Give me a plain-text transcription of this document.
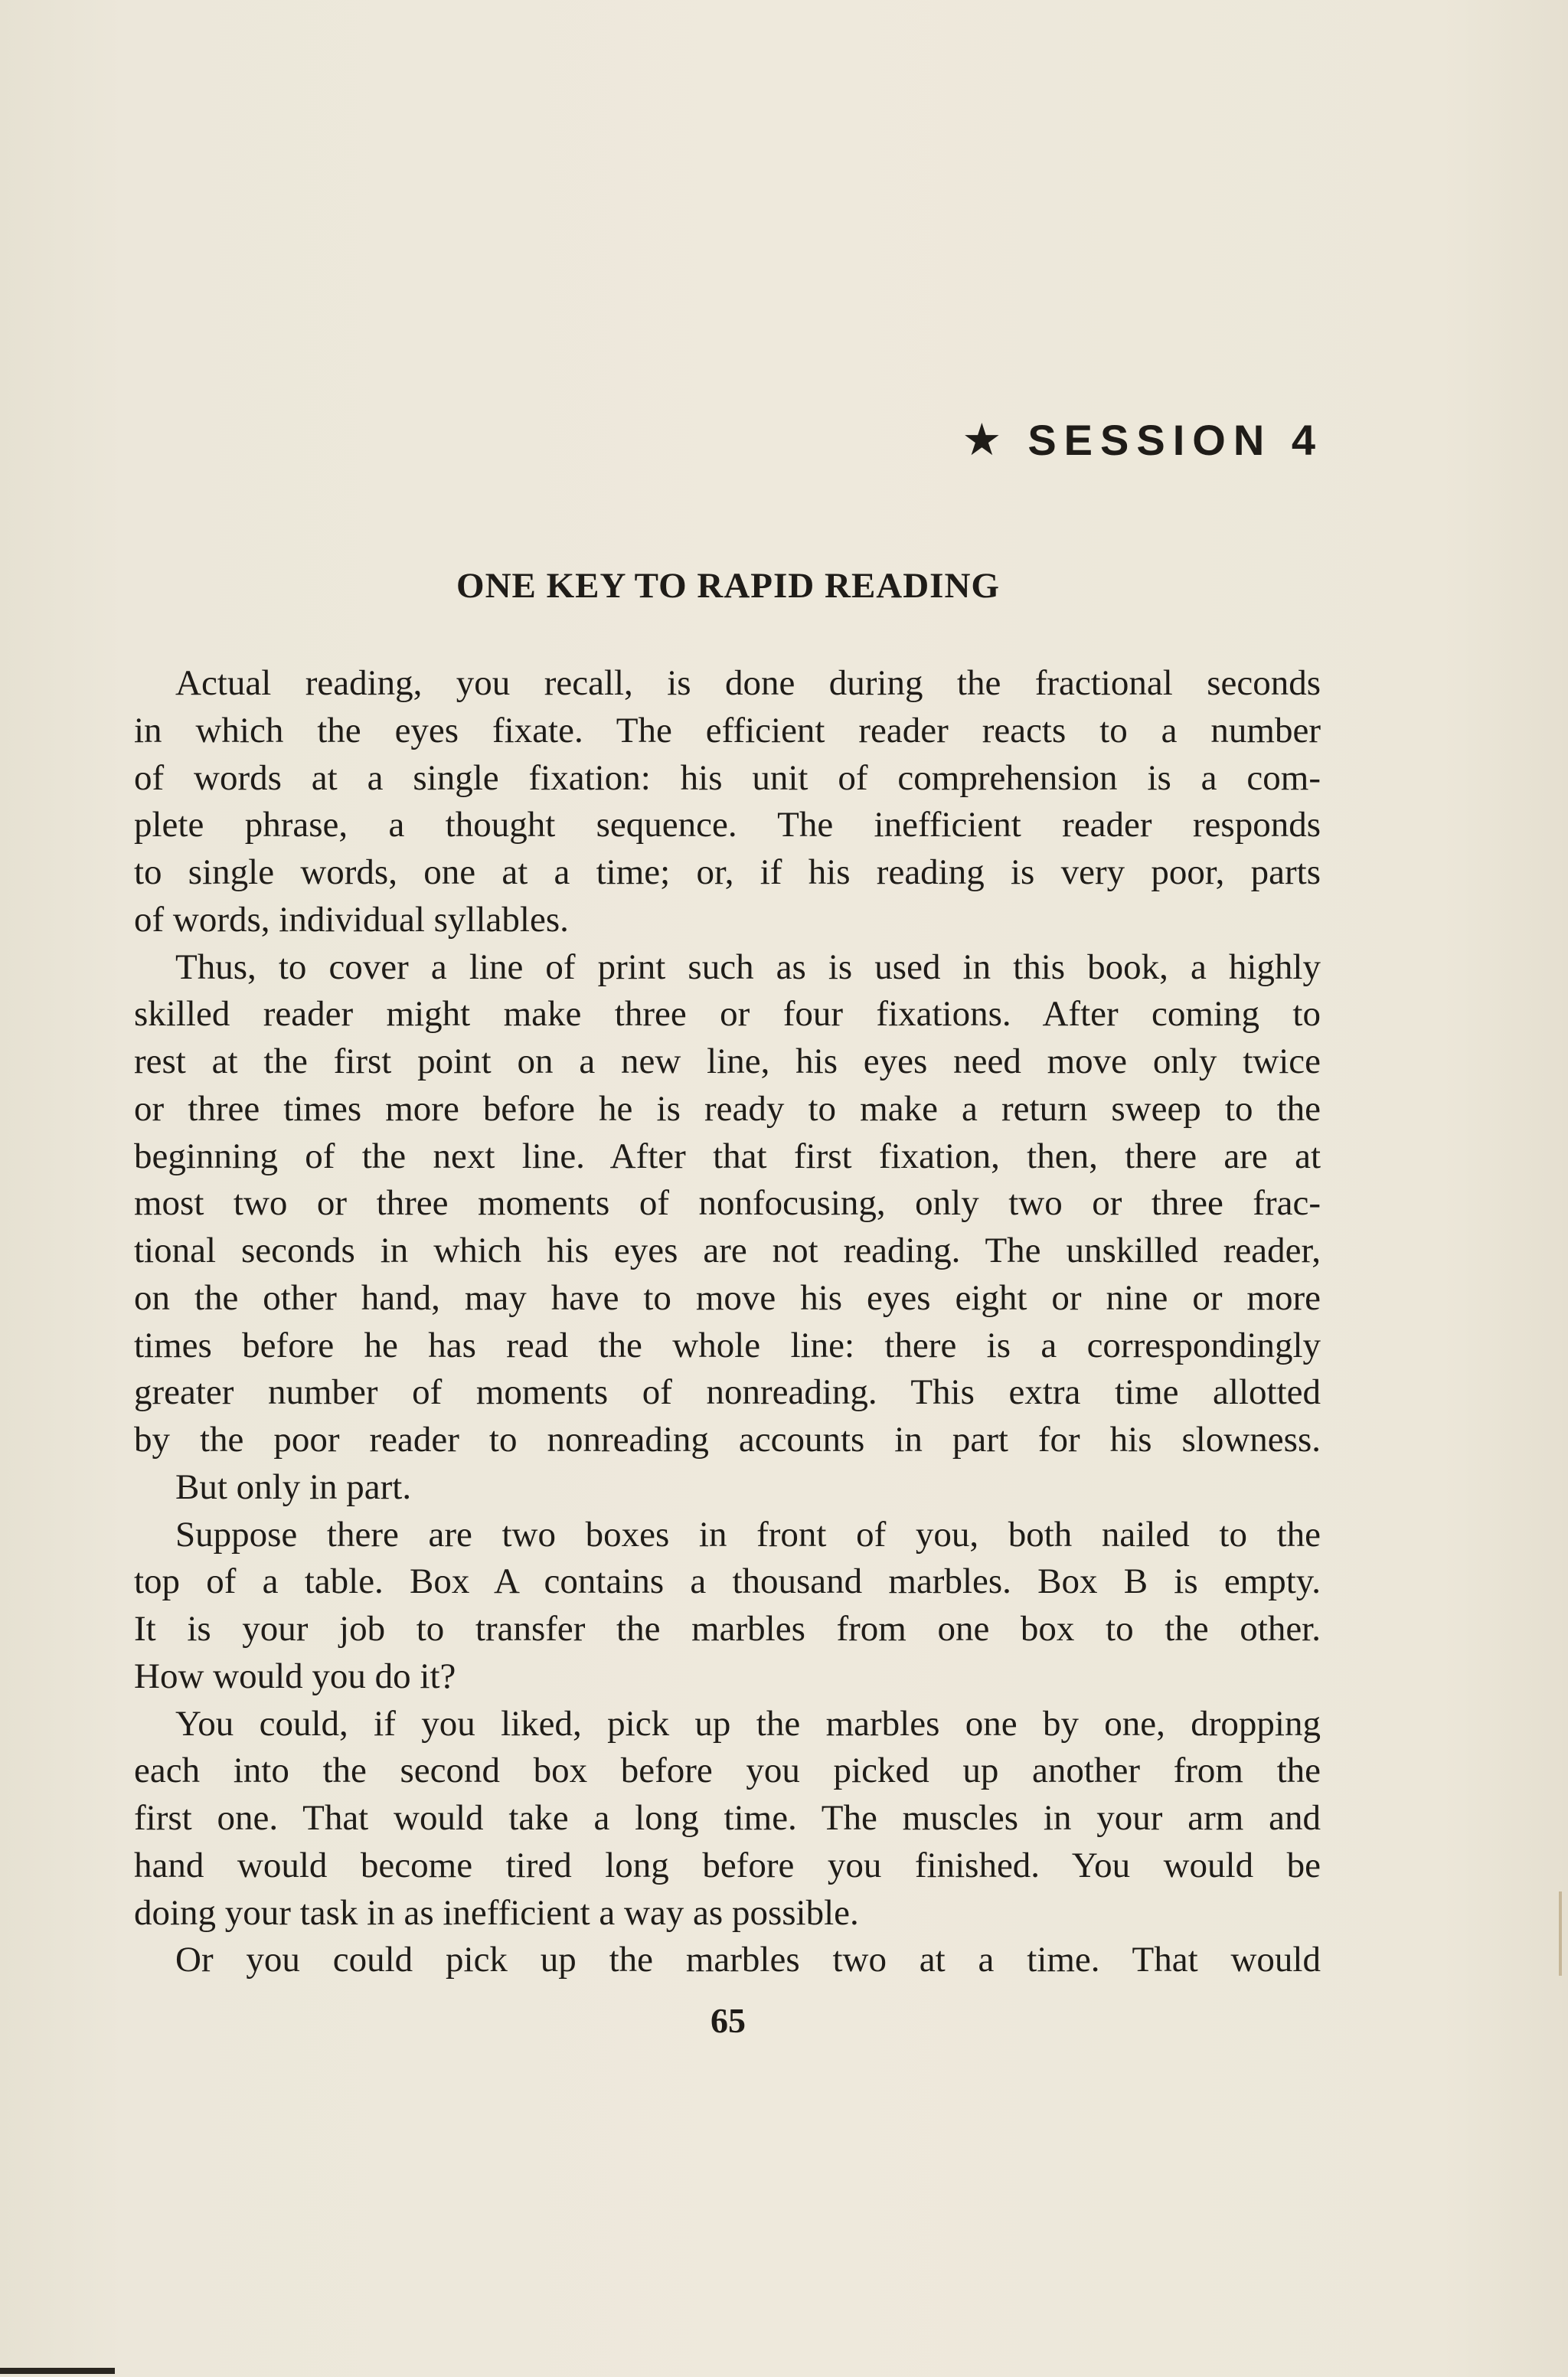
★ SESSION 4
ONE KEY TO RAPID READING
Actual reading, you recall, is done during the fractional seconds
in which the eyes fixate. The efficient reader reacts to a number
of words at a single fixation: his unit of comprehension is a com-
plete phrase, a thought sequence. The inefficient reader responds
to single words, one at a time; or, if his reading is very poor, parts
of words, individual syllables.
Thus, to cover a line of print such as is used in this book, a highly
skilled reader might make three or four fixations. After coming to
rest at the first point on a new line, his eyes need move only twice
or three times more before he is ready to make a return sweep to the
beginning of the next line. After that first fixation, then, there are at
most two or three moments of nonfocusing, only two or three frac-
tional seconds in which his eyes are not reading. The unskilled reader,
on the other hand, may have to move his eyes eight or nine or more
times before he has read the whole line: there is a correspondingly
greater number of moments of nonreading. This extra time allotted
by the poor reader to nonreading accounts in part for his slowness.
But only in part.
Suppose there are two boxes in front of you, both nailed to the
top of a table. Box A contains a thousand marbles. Box B is empty.
It is your job to transfer the marbles from one box to the other.
How would you do it?
You could, if you liked, pick up the marbles one by one, dropping
each into the second box before you picked up another from the
first one. That would take a long time. The muscles in your arm and
hand would become tired long before you finished. You would be
doing your task in as inefficient a way as possible.
Or you could pick up the marbles two at a time. That would
65
